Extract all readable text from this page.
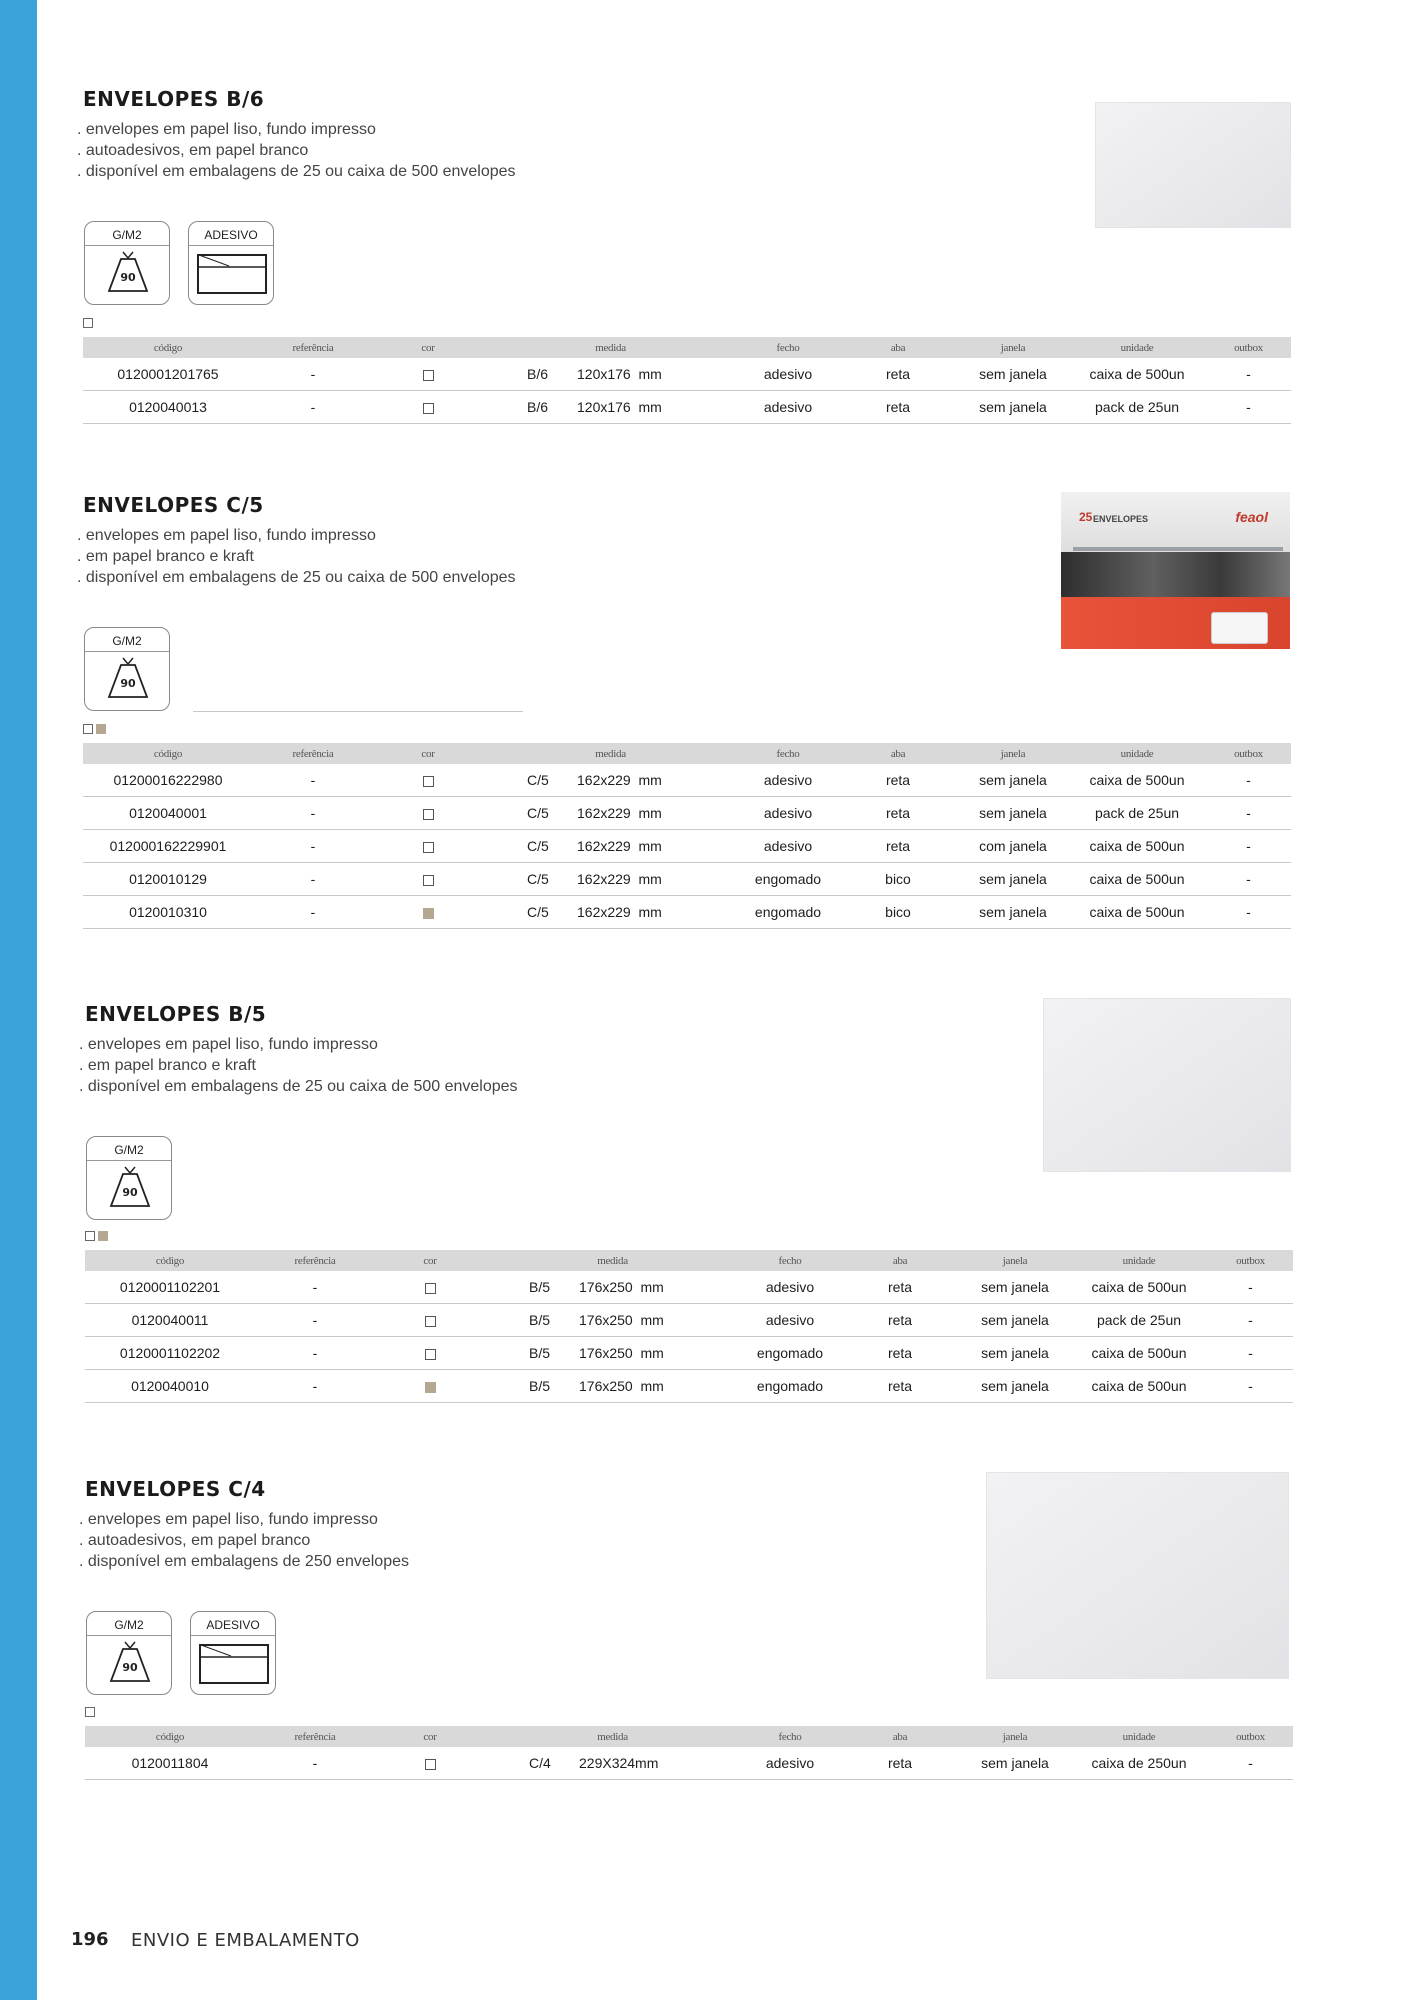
ENVELOPES B/6
. envelopes em papel liso, fundo impresso
. autoadesivos, em papel branco
. disponível em embalagens de 25 ou caixa de 500 envelopes
G/M2
90
ADESIVO
código	referência	cor	medida	fecho	aba	janela	unidade	outbox
0120001201765	-		B/6 120x176  mm	adesivo	reta	sem janela	caixa de 500un	-
0120040013	-		B/6 120x176  mm	adesivo	reta	sem janela	pack de 25un	-
ENVELOPES C/5
. envelopes em papel liso, fundo impresso
. em papel branco e kraft
. disponível em embalagens de 25 ou caixa de 500 envelopes
G/M2
90
código	referência	cor	medida	fecho	aba	janela	unidade	outbox
01200016222980	-		C/5 162x229  mm	adesivo	reta	sem janela	caixa de 500un	-
0120040001	-		C/5 162x229  mm	adesivo	reta	sem janela	pack de 25un	-
012000162229901	-		C/5 162x229  mm	adesivo	reta	com janela	caixa de 500un	-
0120010129	-		C/5 162x229  mm	engomado	bico	sem janela	caixa de 500un	-
0120010310	-		C/5 162x229  mm	engomado	bico	sem janela	caixa de 500un	-
25 ENVELOPES	feaol
ENVELOPES B/5
. envelopes em papel liso, fundo impresso
. em papel branco e kraft
. disponível em embalagens de 25 ou caixa de 500 envelopes
G/M2
90
código	referência	cor	medida	fecho	aba	janela	unidade	outbox
0120001102201	-		B/5 176x250  mm	adesivo	reta	sem janela	caixa de 500un	-
0120040011	-		B/5 176x250  mm	adesivo	reta	sem janela	pack de 25un	-
0120001102202	-		B/5 176x250  mm	engomado	reta	sem janela	caixa de 500un	-
0120040010	-		B/5 176x250  mm	engomado	reta	sem janela	caixa de 500un	-
ENVELOPES C/4
. envelopes em papel liso, fundo impresso
. autoadesivos, em papel branco
. disponível em embalagens de 250 envelopes
G/M2
90
ADESIVO
código	referência	cor	medida	fecho	aba	janela	unidade	outbox
0120011804	-		C/4 229X324mm	adesivo	reta	sem janela	caixa de 250un	-
196 ENVIO E EMBALAMENTO
